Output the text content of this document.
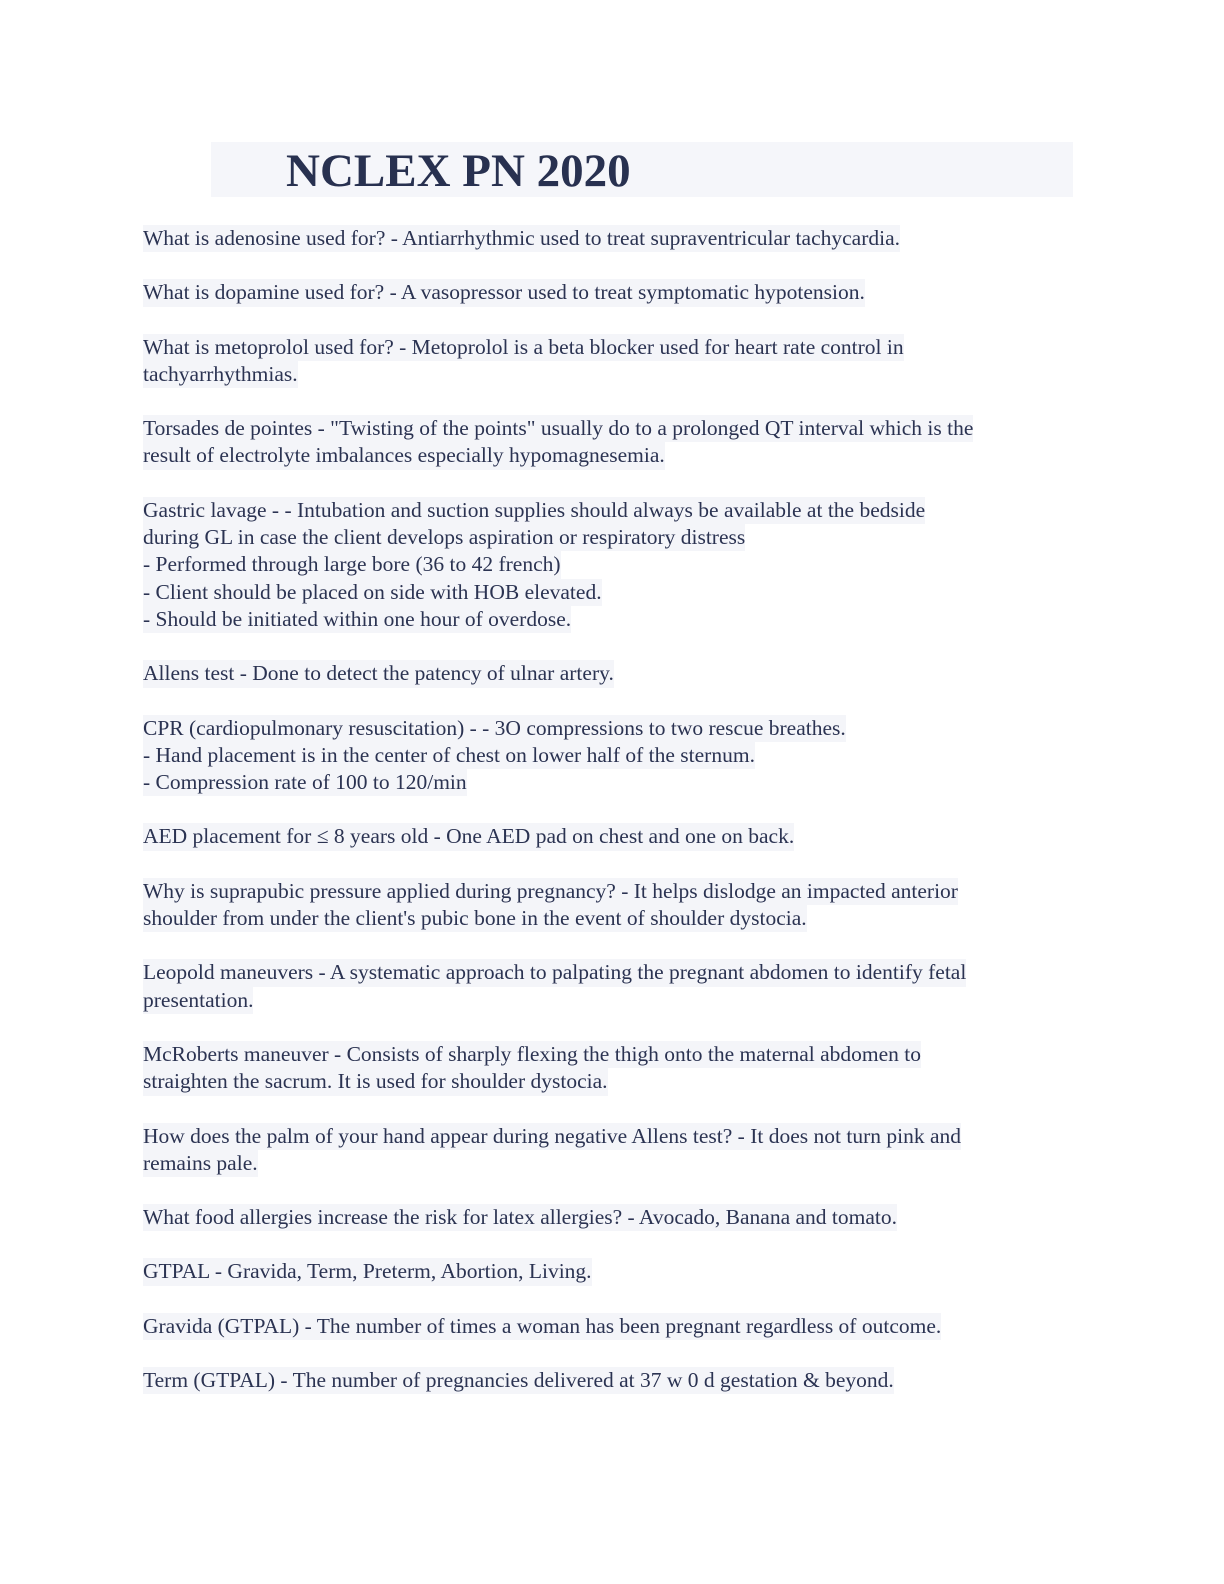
NCLEX PN 2020
What is adenosine used for? - Antiarrhythmic used to treat supraventricular tachycardia.
What is dopamine used for? - A vasopressor used to treat symptomatic hypotension.
What is metoprolol used for? - Metoprolol is a beta blocker used for heart rate control in
tachyarrhythmias.
Torsades de pointes - "Twisting of the points" usually do to a prolonged QT interval which is the
result of electrolyte imbalances especially hypomagnesemia.
Gastric lavage - - Intubation and suction supplies should always be available at the bedside
during GL in case the client develops aspiration or respiratory distress
- Performed through large bore (36 to 42 french)
- Client should be placed on side with HOB elevated.
- Should be initiated within one hour of overdose.
Allens test - Done to detect the patency of ulnar artery.
CPR (cardiopulmonary resuscitation) - - 3O compressions to two rescue breathes.
- Hand placement is in the center of chest on lower half of the sternum.
- Compression rate of 100 to 120/min
AED placement for ≤ 8 years old - One AED pad on chest and one on back.
Why is suprapubic pressure applied during pregnancy? - It helps dislodge an impacted anterior
shoulder from under the client's pubic bone in the event of shoulder dystocia.
Leopold maneuvers - A systematic approach to palpating the pregnant abdomen to identify fetal
presentation.
McRoberts maneuver - Consists of sharply flexing the thigh onto the maternal abdomen to
straighten the sacrum. It is used for shoulder dystocia.
How does the palm of your hand appear during negative Allens test? - It does not turn pink and
remains pale.
What food allergies increase the risk for latex allergies? - Avocado, Banana and tomato.
GTPAL - Gravida, Term, Preterm, Abortion, Living.
Gravida (GTPAL) - The number of times a woman has been pregnant regardless of outcome.
Term (GTPAL) - The number of pregnancies delivered at 37 w 0 d gestation & beyond.
